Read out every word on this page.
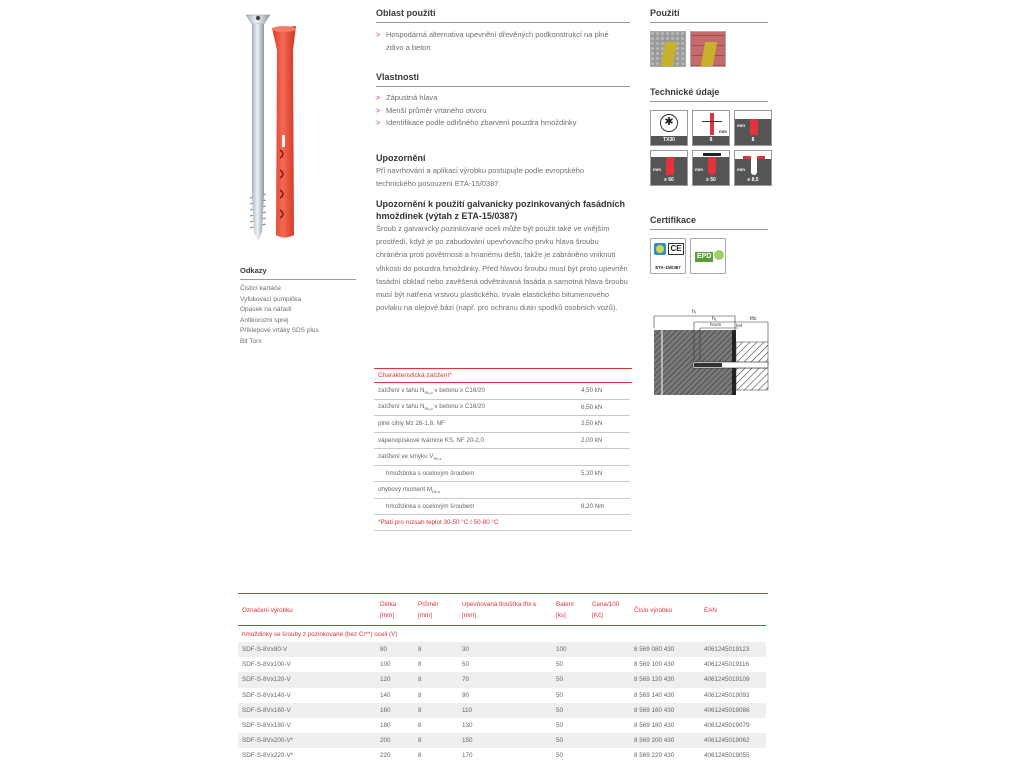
Odkazy
Čisticí kartáče
Vyfukovací pumpička
Opasek na nářadí
Antikorozní sprej
Příklepové vrtáky SDS plus
Bit Torx
Oblast použití
> Hospodárná alternativa upevnění dřevěných podkonstrukcí na plné zdivo a beton
Vlastnosti
> Zápustná hlava
> Menší průměr vrtaného otvoru
> Identifikace podle odlišného zbarvení pouzdra hmoždinky
Upozornění
Při navrhování a aplikaci výrobku postupujte podle evropského technického posouzení ETA-15/0387.
Upozornění k použití galvanicky pozinkovaných fasádních hmoždinek (výtah z ETA-15/0387)
Šroub z galvanicky pozinkované oceli může být použit také ve vnějším prostředí, když je po zabudování upevňovacího prvku hlava šroubu chráněna proti povětrnosti a hnanému dešti, takže je zabráněno vniknutí vlhkosti do pouzdra hmoždinky. Před hlavou šroubu musí být proto upevněn fasádní obklad nebo zavěšená odvětrávaná fasáda a samotná hlava šroubu musí být natřena vrstvou plastického, trvale elastického bitumenového povlaku na olejové bázi (např. pro ochranu dutin spodků osobních vozů).
Charakteristická zatížení*
zatížení v tahu $N_{Rk,p}$ v betonu ≥ C16/20	4,50 kN
zatížení v tahu $N_{Rk,p}$ v betonu ≥ C16/20	6,50 kN
plné cihly Mz 28-1,8, NF	2,50 kN
vápenopískové tvárnice KS, NF 20-2,0	2,00 kN
zatížení ve smyku $V_{Rk,s}$	
hmoždinka s ocelovým šroubem	5,30 kN
ohybový moment $M_{Rk,s}$	
hmoždinka s ocelovým šroubem	8,20 Nm
*Platí pro rozsah teplot 30-50 °C / 50-80 °C
Použití
Technické údaje
✱
TX30
mm
8
mm
8
mm
≥ 60
mm
≥ 50
mm
≤ 8,5
Certifikace
CE
ETA-15/0387
EPD
h₁
h₁	tfix
hnom	hef
Označení výrobku	Délka [mm]	Průměr [mm]	Upevňovaná tloušťka tfix ≤ [mm]	Balení [ks]	Cena/100 [Kč]	Číslo výrobku	EAN
hmoždinky se šrouby z pozinkované (bez Cr**) oceli (V)							
SDF-S-8Vx80-V	80	8	30	100		8 569 080 430	4061245019123
SDF-S-8Vx100-V	100	8	50	50		8 569 100 430	4061245019116
SDF-S-8Vx120-V	120	8	70	50		8 569 120 430	4061245019109
SDF-S-8Vx140-V	140	8	90	50		8 569 140 430	4061245019093
SDF-S-8Vx160-V	160	8	110	50		8 569 160 430	4061245019086
SDF-S-8Vx180-V	180	8	130	50		8 569 180 430	4061245019079
SDF-S-8Vx200-V*	200	8	150	50		8 569 200 430	4061245019062
SDF-S-8Vx220-V*	220	8	170	50		8 569 220 430	4061245019055
